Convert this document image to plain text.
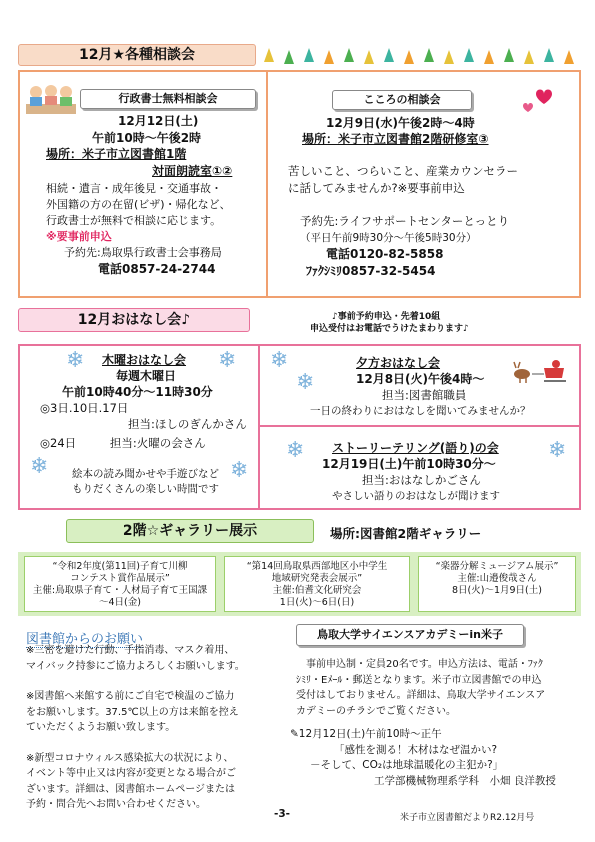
12月★各種相談会
行政書士無料相談会
12月12日(土)
午前10時～午後2時
場所：米子市立図書館1階
対面朗読室①②
相続・遺言・成年後見・交通事故・
外国籍の方の在留(ビザ)・帰化など、
行政書士が無料で相談に応じます。
※要事前申込
予約先:鳥取県行政書士会事務局
電話0857-24-2744
こころの相談会
12月9日(水)午後2時～4時
場所：米子市立図書館2階研修室③
苦しいこと、つらいこと、産業カウンセラー
に話してみませんか?※要事前申込
予約先:ライフサポートセンターとっとり
（平日午前9時30分～午後5時30分）
電話0120-82-5858
ﾌｧｸｼﾐﾘ0857-32-5454
12月おはなし会♪	♪事前予約申込・先着10組
申込受付はお電話でうけたまわります♪
❄	❄
❄	❄
❄
❄
❄	❄
木曜おはなし会
毎週木曜日
午前10時40分～11時30分
◎3日.10日.17日
担当:ほしのぎんかさん
◎24日	担当:火曜の会さん
絵本の読み聞かせや手遊びなど
もりだくさんの楽しい時間です
夕方おはなし会
12月8日(火)午後4時～
担当:図書館職員
一日の終わりにおはなしを聞いてみませんか？
ストーリーテリング(語り)の会
12月19日(土)午前10時30分～
担当:おはなしかごさん
やさしい語りのおはなしが聞けます
2階☆ギャラリー展示	場所:図書館2階ギャラリー
“令和2年度(第11回)子育て川柳
コンテスト賞作品展示”
主催:鳥取県子育て・人材局子育て王国課
～4日(金)
“第14回鳥取県西部地区小中学生
地域研究発表会展示”
主催:伯耆文化研究会
1日(火)～6日(日)
“楽器分解ミュージアム展示”
主催:山邉俊哉さん
8日(火)～1月9日(土)
図書館からのお願い
※三密を避けた行動、手指消毒、マスク着用、
マイバック持参にご協力よろしくお願いします。
※図書館へ来館する前にご自宅で検温のご協力
をお願いします。37.5℃以上の方は来館を控え
ていただくようお願い致します。
※新型コロナウィルス感染拡大の状況により、
イベント等中止又は内容が変更となる場合がご
ざいます。詳細は、図書館ホームページまたは
予約・問合先へお問い合わせください。
鳥取大学サイエンスアカデミーin米子
事前申込制・定員20名です。申込方法は、電話・ﾌｧｸ
ｼﾐﾘ・Eﾒｰﾙ・郵送となります。米子市立図書館での申込
受付はしておりません。詳細は、鳥取大学サイエンスア
カデミーのチラシでご覧ください。
✎12月12日(土)午前10時～正午
「感性を測る！木材はなぜ温かい?
－そして、CO₂は地球温暖化の主犯か?」
工学部機械物理系学科　小畑 良洋教授
-3-	米子市立図書館だよりR2.12月号
